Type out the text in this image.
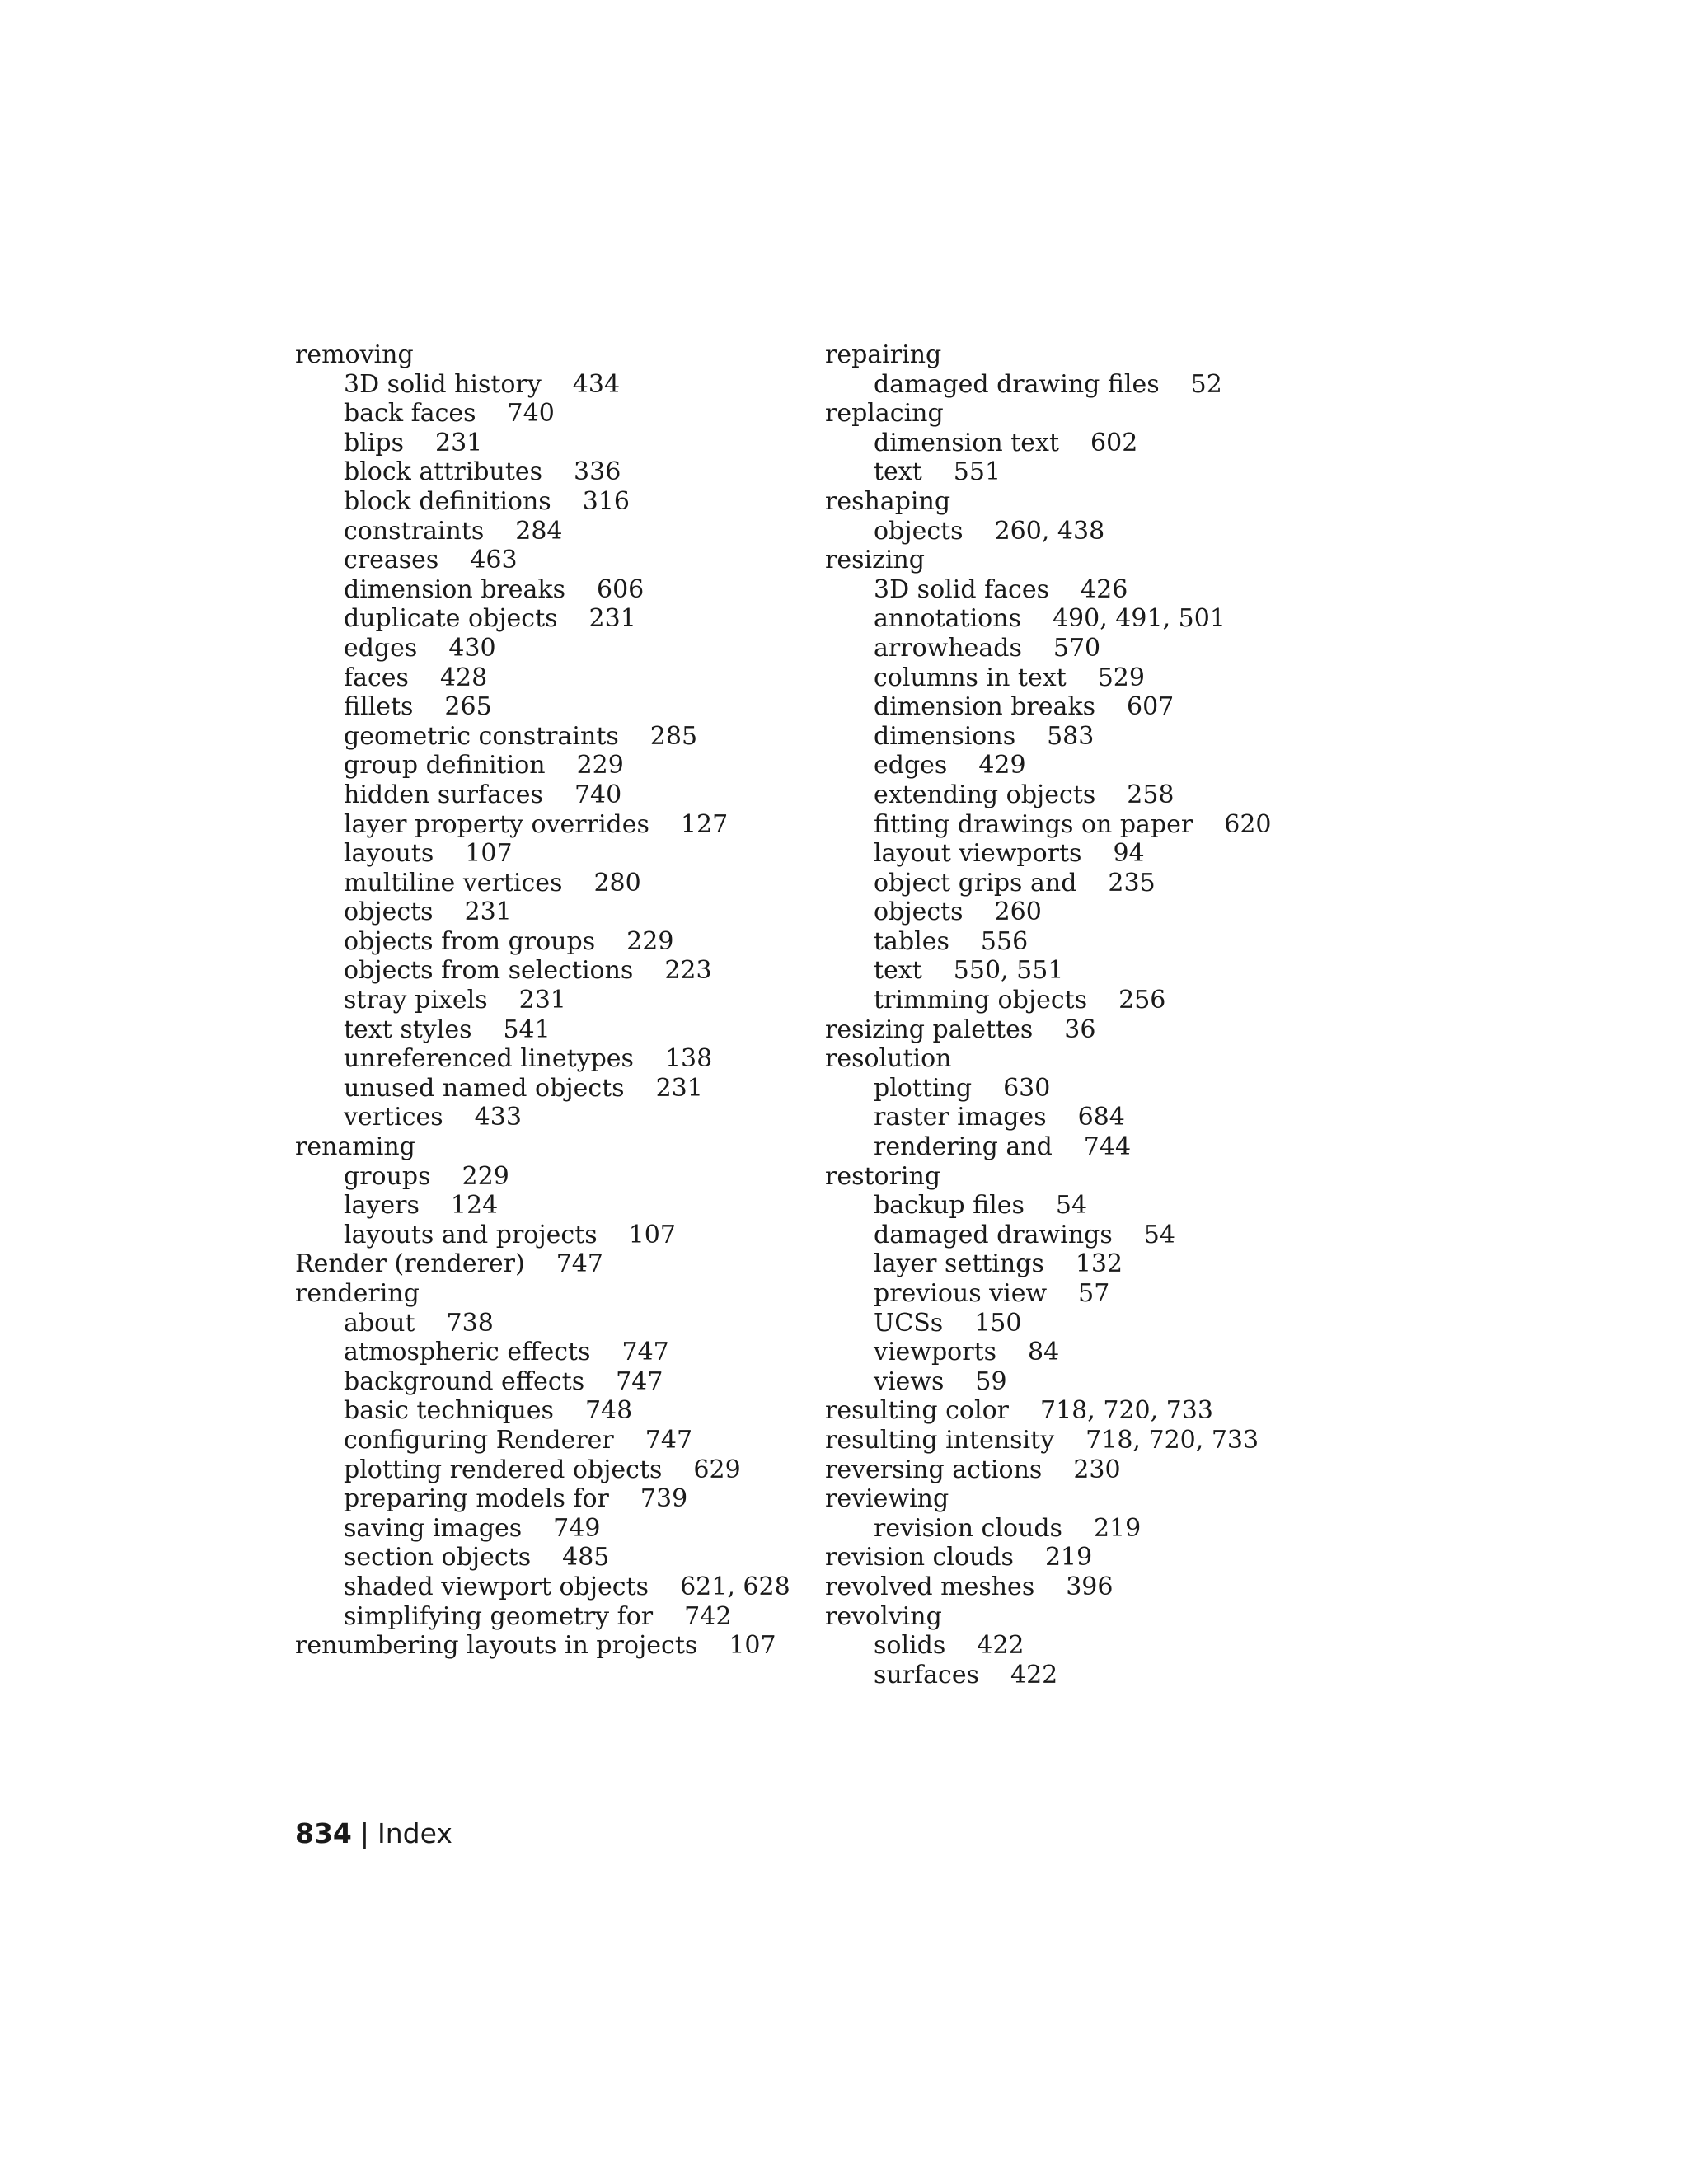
removing
3D solid history 434
back faces 740
blips 231
block attributes 336
block definitions 316
constraints 284
creases 463
dimension breaks 606
duplicate objects 231
edges 430
faces 428
fillets 265
geometric constraints 285
group definition 229
hidden surfaces 740
layer property overrides 127
layouts 107
multiline vertices 280
objects 231
objects from groups 229
objects from selections 223
stray pixels 231
text styles 541
unreferenced linetypes 138
unused named objects 231
vertices 433
renaming
groups 229
layers 124
layouts and projects 107
Render (renderer) 747
rendering
about 738
atmospheric effects 747
background effects 747
basic techniques 748
configuring Renderer 747
plotting rendered objects 629
preparing models for 739
saving images 749
section objects 485
shaded viewport objects 621, 628
simplifying geometry for 742
renumbering layouts in projects 107
repairing
damaged drawing files 52
replacing
dimension text 602
text 551
reshaping
objects 260, 438
resizing
3D solid faces 426
annotations 490, 491, 501
arrowheads 570
columns in text 529
dimension breaks 607
dimensions 583
edges 429
extending objects 258
fitting drawings on paper 620
layout viewports 94
object grips and 235
objects 260
tables 556
text 550, 551
trimming objects 256
resizing palettes 36
resolution
plotting 630
raster images 684
rendering and 744
restoring
backup files 54
damaged drawings 54
layer settings 132
previous view 57
UCSs 150
viewports 84
views 59
resulting color 718, 720, 733
resulting intensity 718, 720, 733
reversing actions 230
reviewing
revision clouds 219
revision clouds 219
revolved meshes 396
revolving
solids 422
surfaces 422
834 | Index
